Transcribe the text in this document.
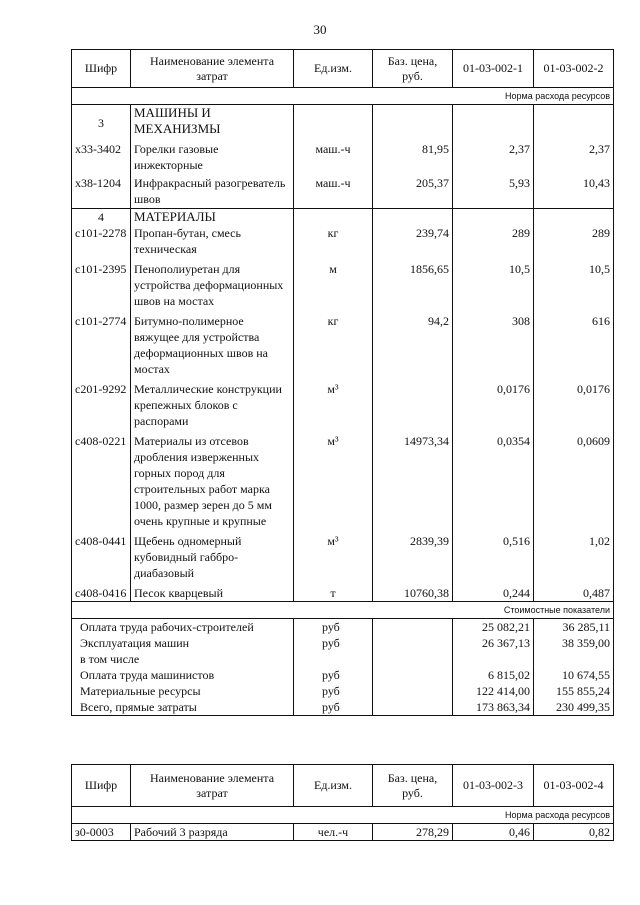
30
Шифр	Наименование элемента затрат	Ед.изм.	Баз. цена, руб.	01-03-002-1	01-03-002-2
Норма расхода ресурсов					
3	МАШИНЫ И МЕХАНИЗМЫ				
х33-3402	Горелки газовые инжекторные	маш.-ч	81,95	2,37	2,37
х38-1204	Инфракрасный разогреватель швов	маш.-ч	205,37	5,93	10,43
4	МАТЕРИАЛЫ				
с101-2278	Пропан-бутан, смесь техническая	кг	239,74	289	289
с101-2395	Пенополиуретан для устройства деформационных швов на мостах	м	1856,65	10,5	10,5
с101-2774	Битумно-полимерное вяжущее для устройства деформационных швов на мостах	кг	94,2	308	616
с201-9292	Металлические конструкции крепежных блоков с распорами	м³		0,0176	0,0176
с408-0221	Материалы из отсевов дробления изверженных горных пород для строительных работ марка 1000, размер зерен до 5 мм очень крупные и крупные	м³	14973,34	0,0354	0,0609
с408-0441	Щебень одномерный кубовидный габбро-диабазовый	м³	2839,39	0,516	1,02
с408-0416	Песок кварцевый	т	10760,38	0,244	0,487
Стоимостные показатели					
Оплата труда рабочих-строителей		руб		25 082,21	36 285,11
Эксплуатация машин		руб		26 367,13	38 359,00
в том числе					
Оплата труда машинистов		руб		6 815,02	10 674,55
Материальные ресурсы		руб		122 414,00	155 855,24
Всего, прямые затраты		руб		173 863,34	230 499,35
Шифр	Наименование элемента затрат	Ед.изм.	Баз. цена, руб.	01-03-002-3	01-03-002-4
Норма расхода ресурсов					
з0-0003	Рабочий 3 разряда	чел.-ч	278,29	0,46	0,82
